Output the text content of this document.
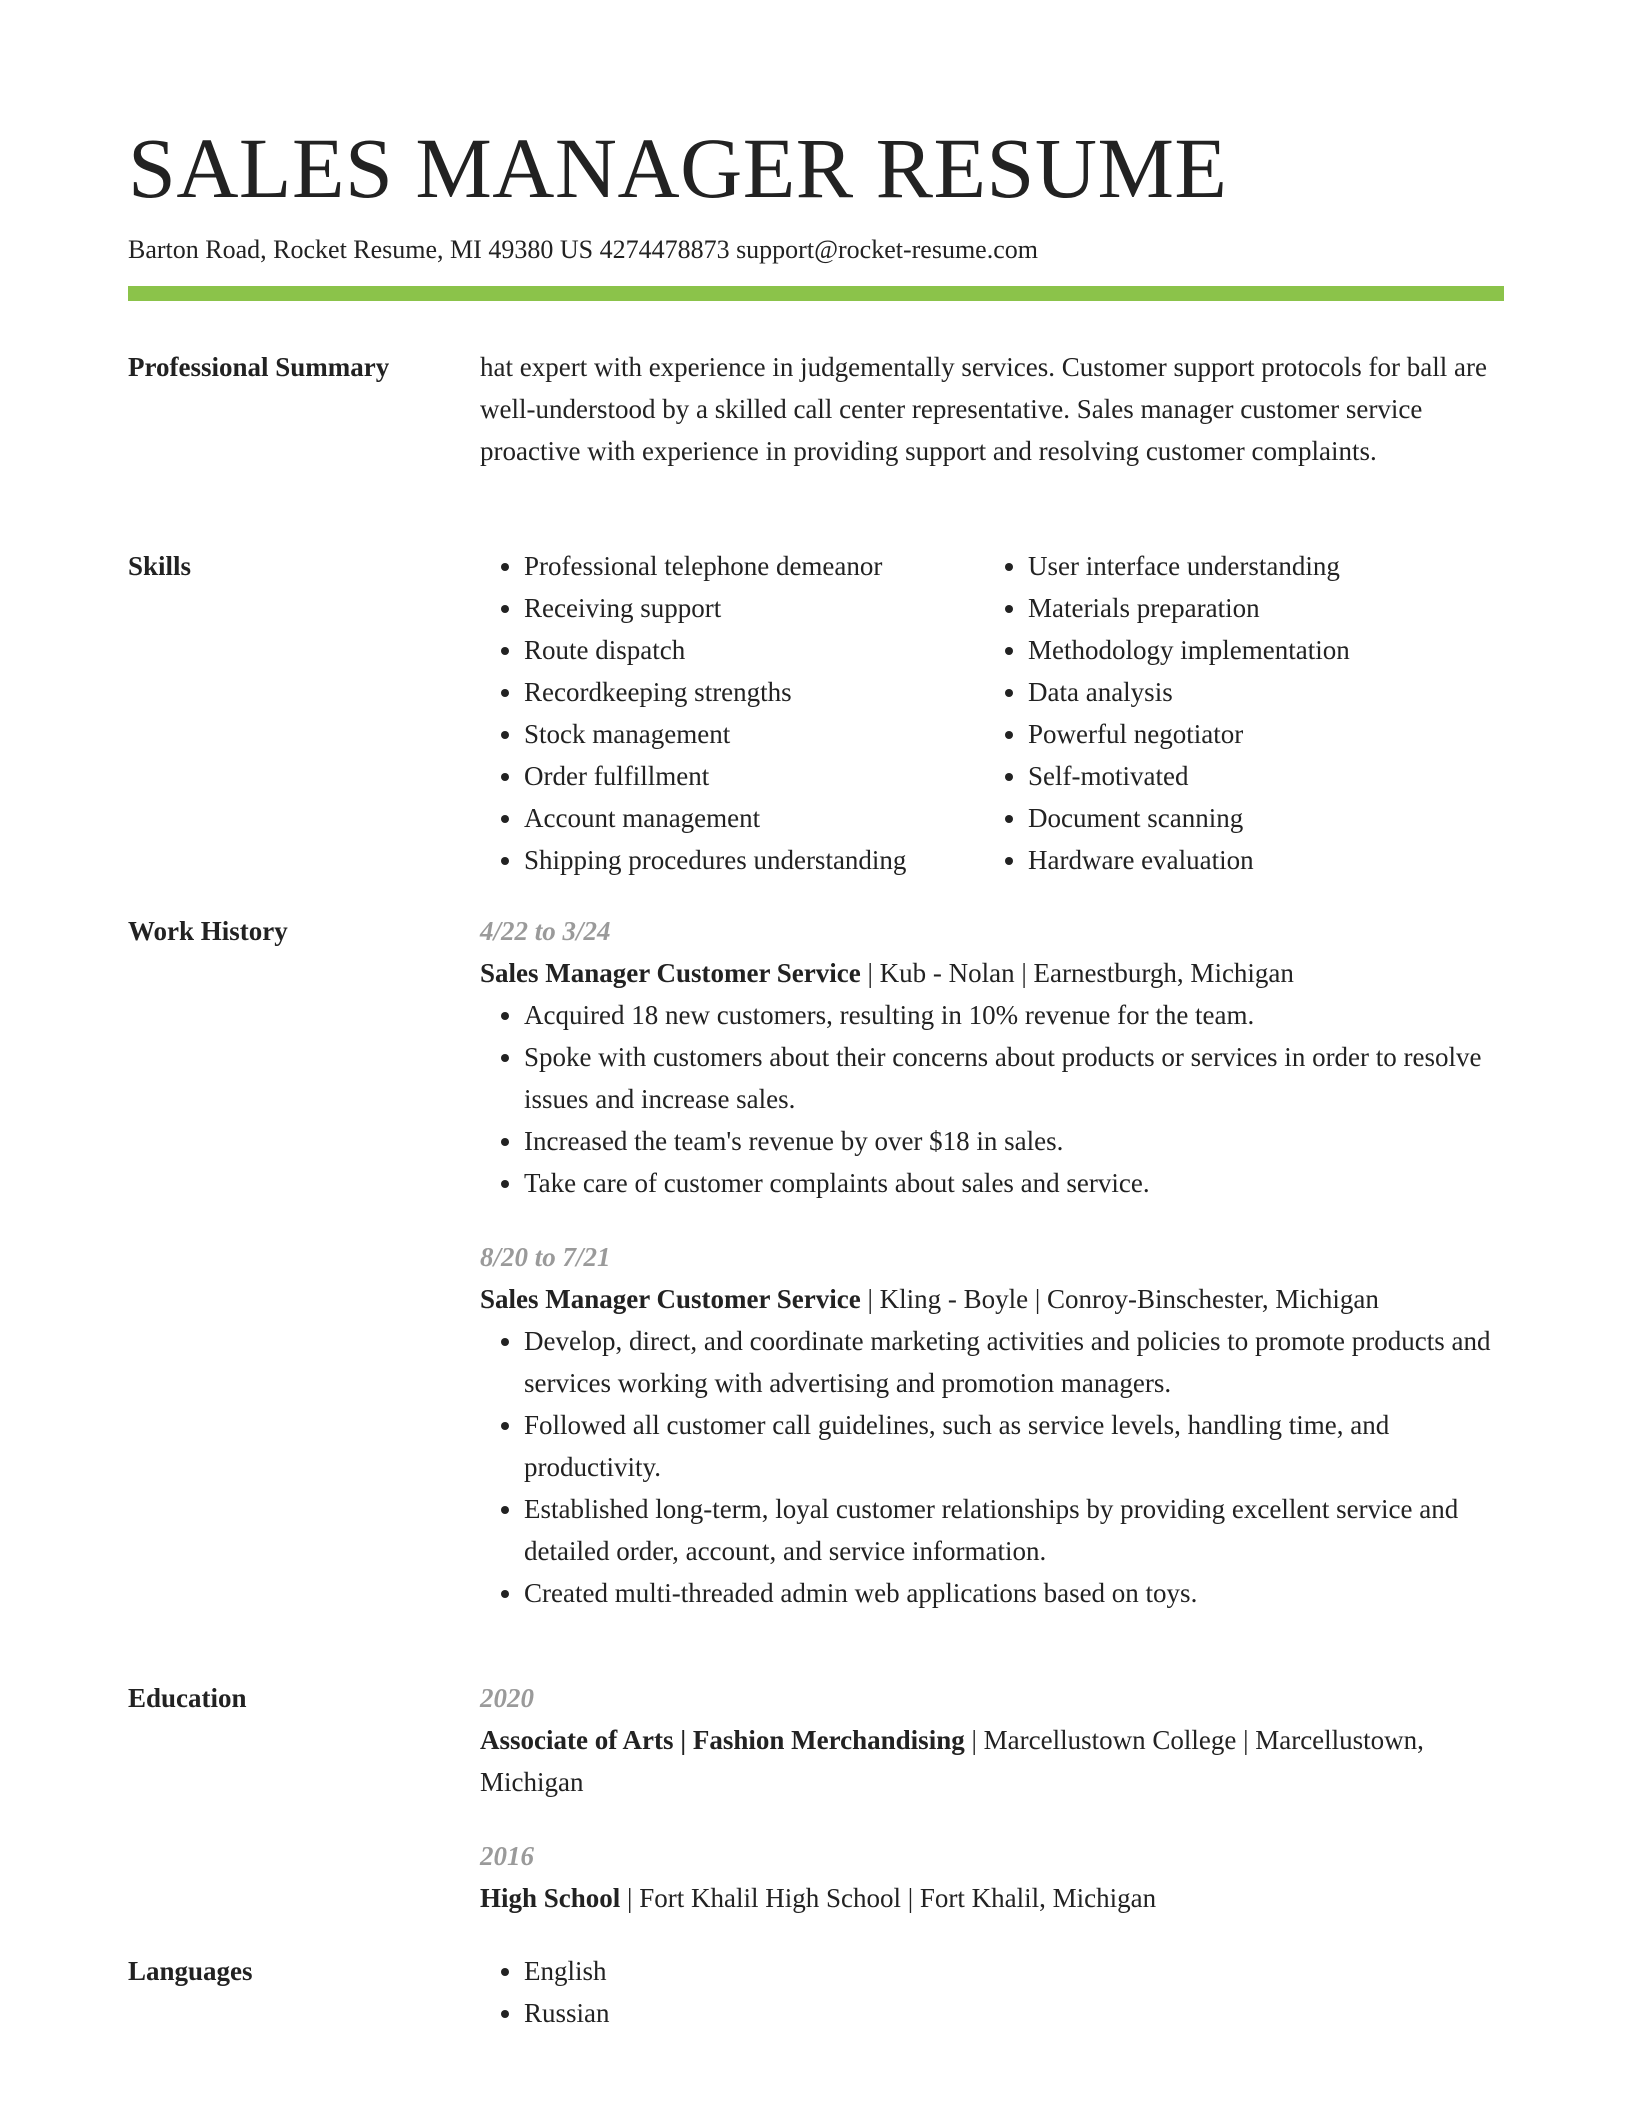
SALES MANAGER RESUME
Barton Road, Rocket Resume, MI 49380 US 4274478873 support@rocket-resume.com
Professional Summary	hat expert with experience in judgementally services. Customer support protocols for ball are well-understood by a skilled call center representative. Sales manager customer service proactive with experience in providing support and resolving customer complaints.

Skills	• Professional telephone demeanor
• Receiving support
• Route dispatch
• Recordkeeping strengths
• Stock management
• Order fulfillment
• Account management
• Shipping procedures understanding
• User interface understanding
• Materials preparation
• Methodology implementation
• Data analysis
• Powerful negotiator
• Self-motivated
• Document scanning
• Hardware evaluation
Work History	4/22 to 3/24

Sales Manager Customer Service | Kub - Nolan | Earnestburgh, Michigan

• Acquired 18 new customers, resulting in 10% revenue for the team.
• Spoke with customers about their concerns about products or services in order to resolve issues and increase sales.
• Increased the team's revenue by over $18 in sales.
• Take care of customer complaints about sales and service.
8/20 to 7/21

Sales Manager Customer Service | Kling - Boyle | Conroy-Binschester, Michigan

• Develop, direct, and coordinate marketing activities and policies to promote products and services working with advertising and promotion managers.
• Followed all customer call guidelines, such as service levels, handling time, and productivity.
• Established long-term, loyal customer relationships by providing excellent service and detailed order, account, and service information.
• Created multi-threaded admin web applications based on toys.
Education	2020

Associate of Arts | Fashion Merchandising | Marcellustown College | Marcellustown, Michigan

2016

High School | Fort Khalil High School | Fort Khalil, Michigan

Languages	• English
• Russian
